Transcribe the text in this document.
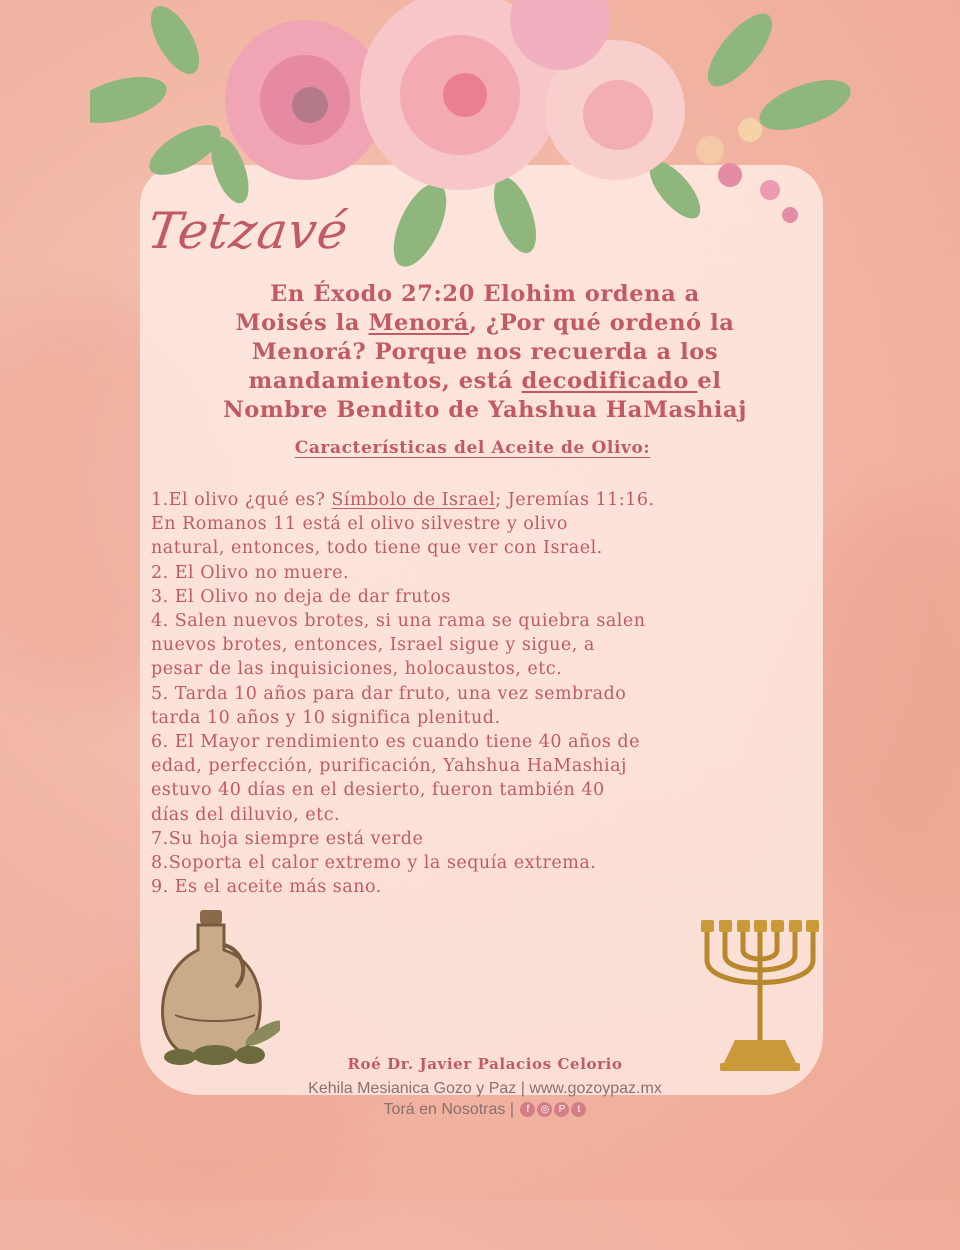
Tetzavé
En Éxodo 27:20 Elohim ordena a
Moisés la Menorá, ¿Por qué ordenó la
Menorá? Porque nos recuerda a los
mandamientos, está decodificado el
Nombre Bendito de Yahshua HaMashiaj
Características del Aceite de Olivo:

1.El olivo ¿qué es? Símbolo de Israel; Jeremías 11:16.

En Romanos 11 está el olivo silvestre y olivo

natural, entonces, todo tiene que ver con Israel.

2. El Olivo no muere.

3. El Olivo no deja de dar frutos

4. Salen nuevos brotes, si una rama se quiebra salen

nuevos brotes, entonces, Israel sigue y sigue, a

pesar de las inquisiciones, holocaustos, etc.

5. Tarda 10 años para dar fruto, una vez sembrado

tarda 10 años y 10 significa plenitud.

6. El Mayor rendimiento es cuando tiene 40 años de

edad, perfección, purificación, Yahshua HaMashiaj

estuvo 40 días en el desierto, fueron también 40

días del diluvio, etc.

7.Su hoja siempre está verde

8.Soporta el calor extremo y la sequía extrema.

9. Es el aceite más sano.

Roé Dr. Javier Palacios Celorio
Kehila Mesianica Gozo y Paz | www.gozoypaz.mx
Torá en Nosotras | f ◎ P t
